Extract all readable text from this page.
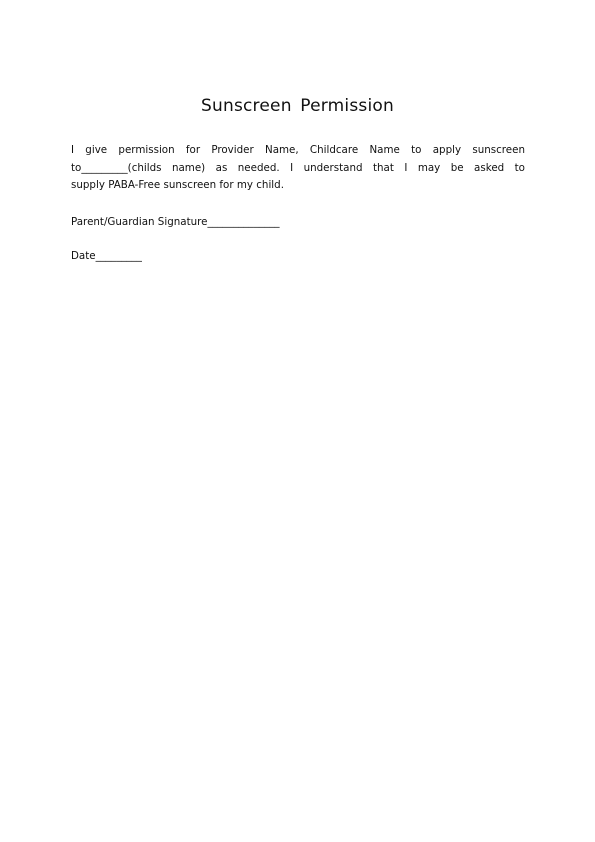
Sunscreen Permission
I give permission for Provider Name, Childcare Name to apply sunscreen
to_________(childs name) as needed. I understand that I may be asked to
supply PABA-Free sunscreen for my child.
Parent/Guardian Signature______________
Date_________
